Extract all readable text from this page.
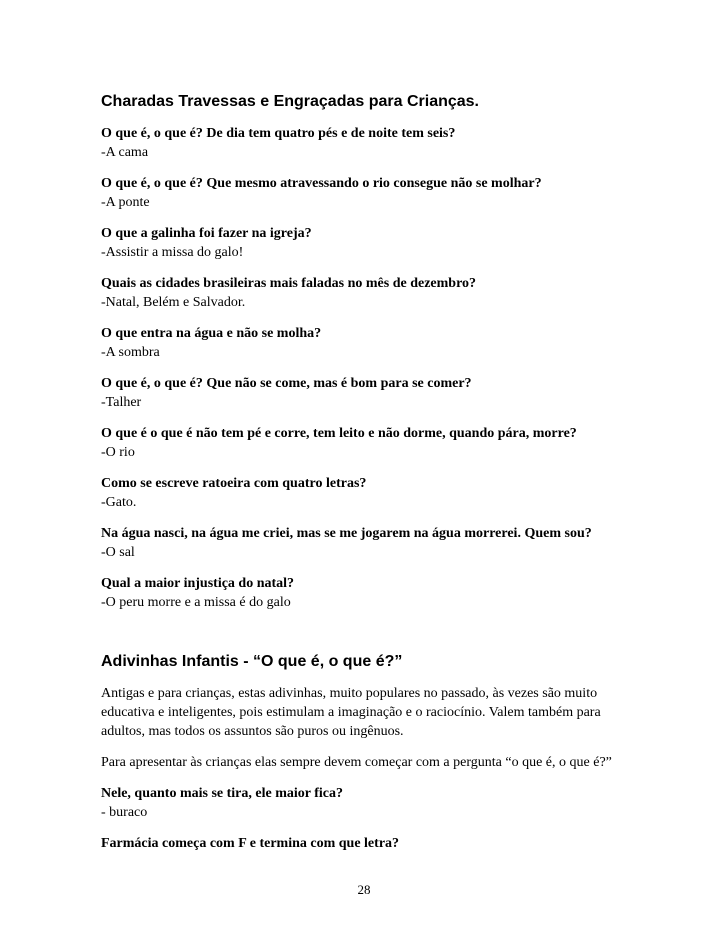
Charadas Travessas e Engraçadas para Crianças.
O que é, o que é? De dia tem quatro pés e de noite tem seis?
-A cama
O que é, o que é? Que mesmo atravessando o rio consegue não se molhar?
-A ponte
O que a galinha foi fazer na igreja?
-Assistir a missa do galo!
Quais as cidades brasileiras mais faladas no mês de dezembro?
-Natal, Belém e Salvador.
O que entra na água e não se molha?
-A sombra
O que é, o que é? Que não se come, mas é bom para se comer?
-Talher
O que é o que é não tem pé e corre, tem leito e não dorme, quando pára, morre?
-O rio
Como se escreve ratoeira com quatro letras?
-Gato.
Na água nasci, na água me criei, mas se me jogarem na água morrerei. Quem sou?
-O sal
Qual a maior injustiça do natal?
-O peru morre e a missa é do galo
Adivinhas Infantis - “O que é, o que é?”

Antigas e para crianças, estas adivinhas, muito populares no passado, às vezes são muito
educativa e inteligentes, pois estimulam a imaginação e o raciocínio. Valem também para
adultos, mas todos os assuntos são puros ou ingênuos.

Para apresentar às crianças elas sempre devem começar com a pergunta “o que é, o que é?”

Nele, quanto mais se tira, ele maior fica?
- buraco
Farmácia começa com F e termina com que letra?
28
